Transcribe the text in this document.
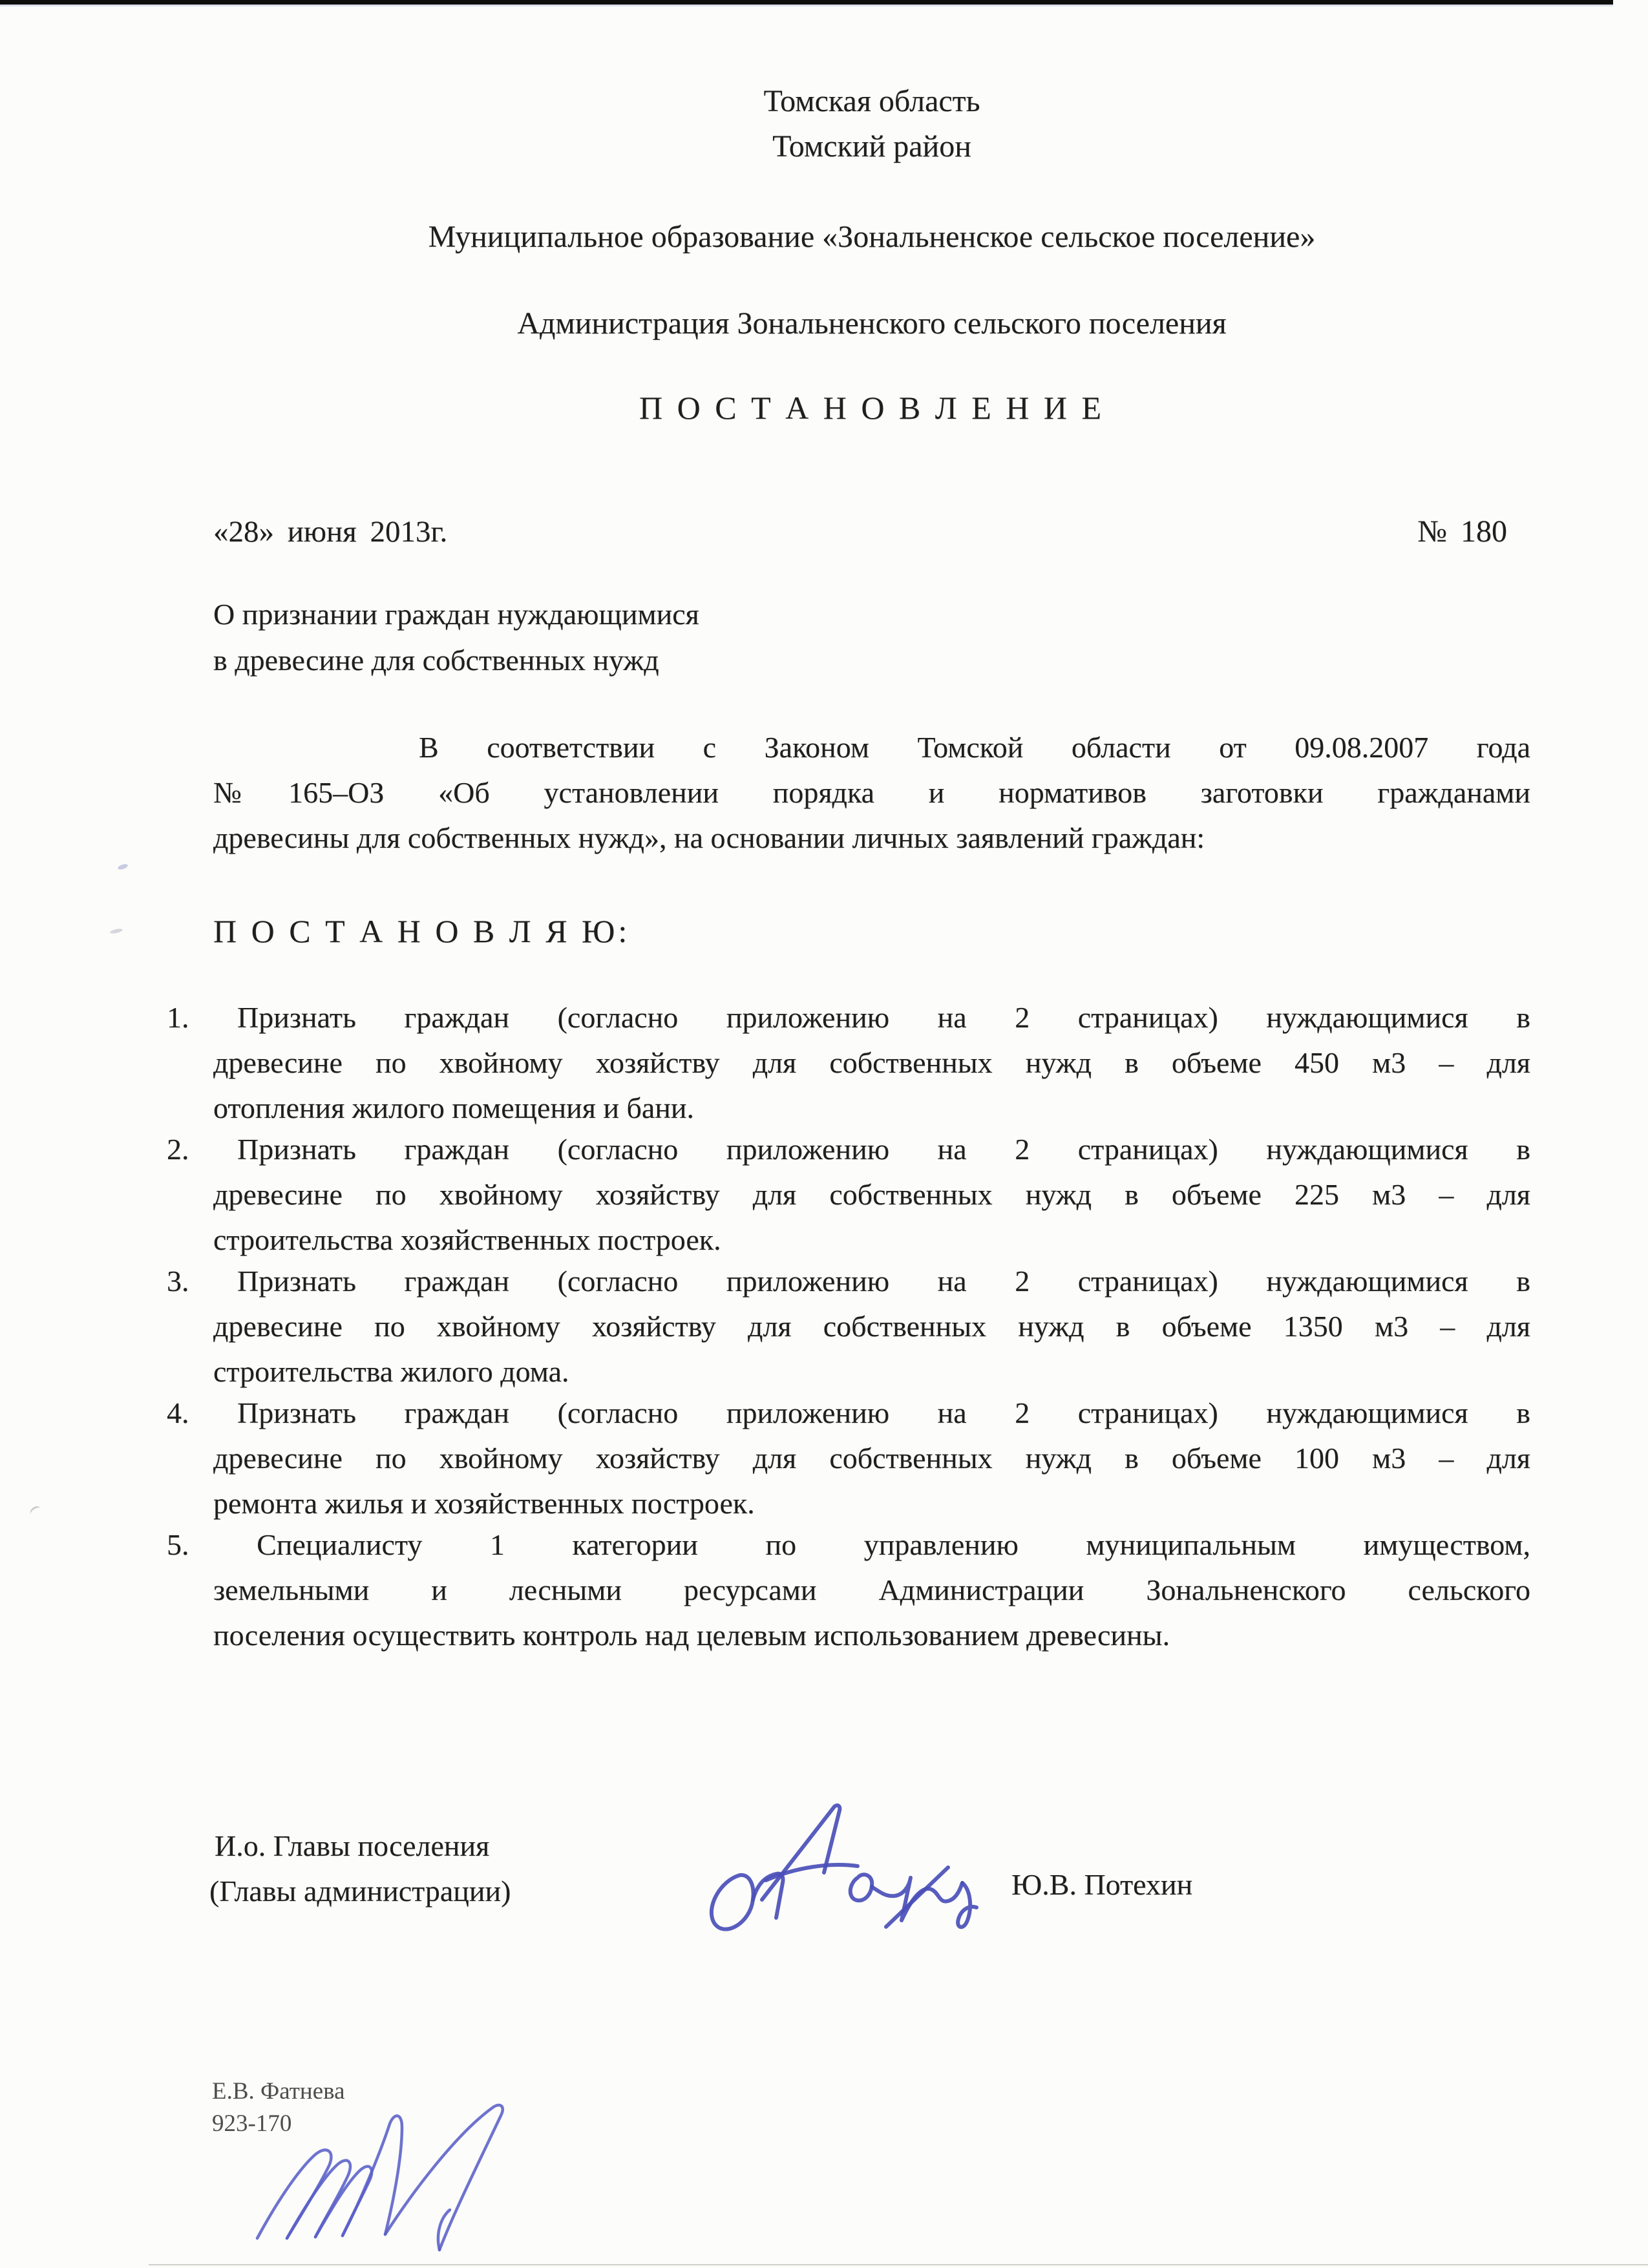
Томская область
Томский район
Муниципальное образование «Зональненское сельское поселение»
Администрация Зональненского сельского поселения
П О С Т А Н О В Л Е Н И Е
«28» июня 2013г.	№ 180
О признании граждан нуждающимися
в древесине для собственных нужд
В соответствии с Законом Томской области от 09.08.2007 года
№165–ОЗ «Об установлении порядка и нормативов заготовки гражданами
древесины для собственных нужд», на основании личных заявлений граждан:
П О С Т А Н О В Л Я Ю:
1. Признать граждан (согласно приложению на 2 страницах) нуждающимися в
древесине по хвойному хозяйству для собственных нужд в объеме 450 м3 – для
отопления жилого помещения и бани.
2. Признать граждан (согласно приложению на 2 страницах) нуждающимися в
древесине по хвойному хозяйству для собственных нужд в объеме 225 м3 – для
строительства хозяйственных построек.
3. Признать граждан (согласно приложению на 2 страницах) нуждающимися в
древесине по хвойному хозяйству для собственных нужд в объеме 1350 м3 – для
строительства жилого дома.
4. Признать граждан (согласно приложению на 2 страницах) нуждающимися в
древесине по хвойному хозяйству для собственных нужд в объеме 100 м3 – для
ремонта жилья и хозяйственных построек.
5. Специалисту 1 категории по управлению муниципальным имуществом,
земельными и лесными ресурсами Администрации Зональненского сельского
поселения осуществить контроль над целевым использованием древесины.
И.о. Главы поселения
(Главы администрации)	Ю.В. Потехин
Е.В. Фатнева
923-170
